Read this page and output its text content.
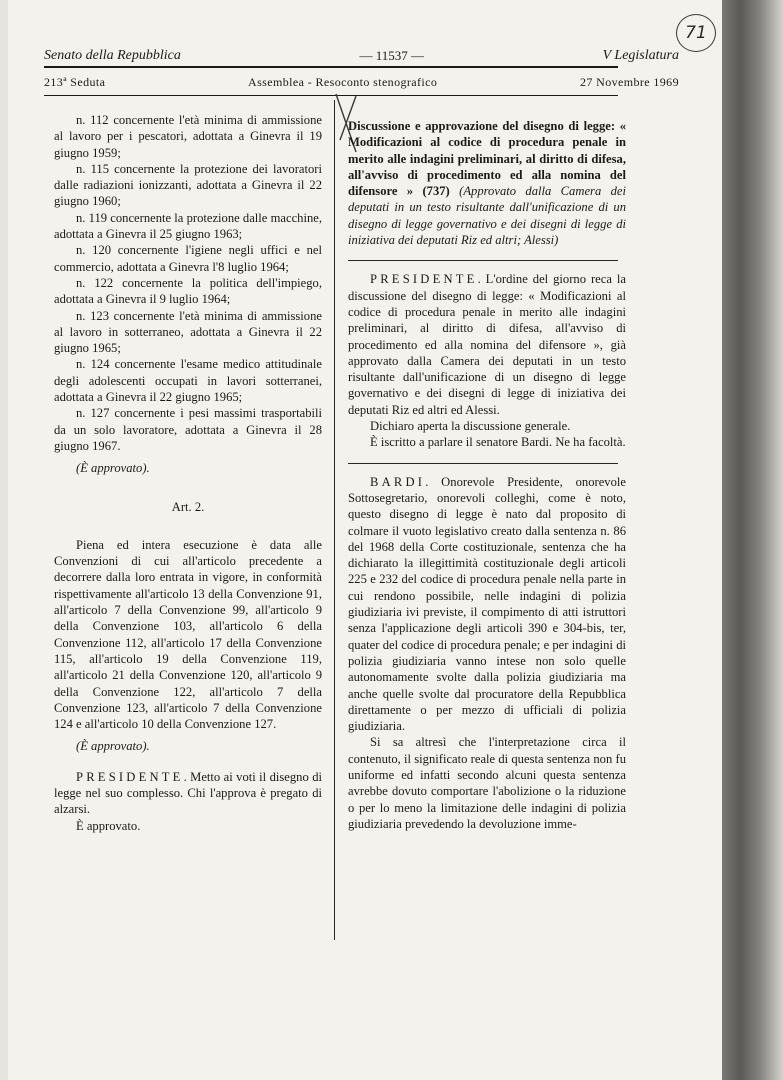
71
Senato della Repubblica	— 11537 —	V Legislatura
213ª Seduta	Assemblea - Resoconto stenografico	27 Novembre 1969

n. 112 concernente l'età minima di ammissione al lavoro per i pescatori, adottata a Ginevra il 19 giugno 1959;

n. 115 concernente la protezione dei lavoratori dalle radiazioni ionizzanti, adottata a Ginevra il 22 giugno 1960;

n. 119 concernente la protezione dalle macchine, adottata a Ginevra il 25 giugno 1963;

n. 120 concernente l'igiene negli uffici e nel commercio, adottata a Ginevra l'8 luglio 1964;

n. 122 concernente la politica dell'impiego, adottata a Ginevra il 9 luglio 1964;

n. 123 concernente l'età minima di ammissione al lavoro in sotterraneo, adottata a Ginevra il 22 giugno 1965;

n. 124 concernente l'esame medico attitudinale degli adolescenti occupati in lavori sotterranei, adottata a Ginevra il 22 giugno 1965;

n. 127 concernente i pesi massimi trasportabili da un solo lavoratore, adottata a Ginevra il 28 giugno 1967.

(È approvato).

Art. 2.

Piena ed intera esecuzione è data alle Convenzioni di cui all'articolo precedente a decorrere dalla loro entrata in vigore, in conformità rispettivamente all'articolo 13 della Convenzione 91, all'articolo 7 della Convenzione 99, all'articolo 9 della Convenzione 103, all'articolo 6 della Convenzione 112, all'articolo 17 della Convenzione 115, all'articolo 19 della Convenzione 119, all'articolo 21 della Convenzione 120, all'articolo 9 della Convenzione 122, all'articolo 7 della Convenzione 123, all'articolo 7 della Convenzione 124 e all'articolo 10 della Convenzione 127.

(È approvato).

PRESIDENTE. Metto ai voti il disegno di legge nel suo complesso. Chi l'approva è pregato di alzarsi.

È approvato.

Discussione e approvazione del disegno di legge: « Modificazioni al codice di procedura penale in merito alle indagini preliminari, al diritto di difesa, all'avviso di procedimento ed alla nomina del difensore » (737) (Approvato dalla Camera dei deputati in un testo risultante dall'unificazione di un disegno di legge governativo e dei disegni di legge di iniziativa dei deputati Riz ed altri; Alessi)

PRESIDENTE. L'ordine del giorno reca la discussione del disegno di legge: « Modificazioni al codice di procedura penale in merito alle indagini preliminari, al diritto di difesa, all'avviso di procedimento ed alla nomina del difensore », già approvato dalla Camera dei deputati in un testo risultante dall'unificazione di un disegno di legge governativo e dei disegni di legge di iniziativa dei deputati Riz ed altri ed Alessi.

Dichiaro aperta la discussione generale.

È iscritto a parlare il senatore Bardi. Ne ha facoltà.

BARDI. Onorevole Presidente, onorevole Sottosegretario, onorevoli colleghi, come è noto, questo disegno di legge è nato dal proposito di colmare il vuoto legislativo creato dalla sentenza n. 86 del 1968 della Corte costituzionale, sentenza che ha dichiarato la illegittimità costituzionale degli articoli 225 e 232 del codice di procedura penale nella parte in cui rendono possibile, nelle indagini di polizia giudiziaria ivi previste, il compimento di atti istruttori senza l'applicazione degli articoli 390 e 304-bis, ter, quater del codice di procedura penale; e per indagini di polizia giudiziaria vanno intese non solo quelle autonomamente svolte dalla polizia giudiziaria ma anche quelle svolte dal procuratore della Repubblica direttamente o per mezzo di ufficiali di polizia giudiziaria.

Si sa altresì che l'interpretazione circa il contenuto, il significato reale di questa sentenza non fu uniforme ed infatti secondo alcuni questa sentenza avrebbe dovuto comportare l'abolizione o la riduzione o per lo meno la limitazione delle indagini di polizia giudiziaria prevedendo la devoluzione imme-
